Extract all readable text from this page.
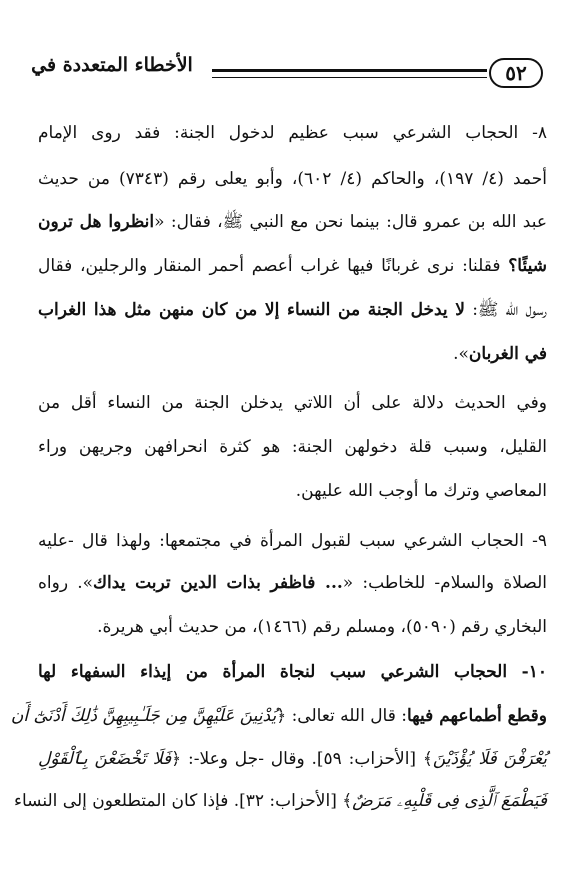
٥٢
الأخطاء المتعددة في
٨- الحجاب الشرعي سبب عظيم لدخول الجنة: فقد روى الإمام
أحمد (٤/ ١٩٧)، والحاكم (٤/ ٦٠٢)، وأبو يعلى رقم (٧٣٤٣) من حديث
عبد الله بن عمرو قال: بينما نحن مع النبي ﷺ، فقال: «انظروا هل ترون
شيئًا؟ فقلنا: نرى غربانًا فيها غراب أعصم أحمر المنقار والرجلين، فقال
رسول الله ﷺ: لا يدخل الجنة من النساء إلا من كان منهن مثل هذا الغراب
في الغربان».
وفي الحديث دلالة على أن اللاتي يدخلن الجنة من النساء أقل من
القليل، وسبب قلة دخولهن الجنة: هو كثرة انحرافهن وجريهن وراء
المعاصي وترك ما أوجب الله عليهن.
٩- الحجاب الشرعي سبب لقبول المرأة في مجتمعها: ولهذا قال -عليه
الصلاة والسلام- للخاطب: «... فاظفر بذات الدين تربت يداك». رواه
البخاري رقم (٥٠٩٠)، ومسلم رقم (١٤٦٦)، من حديث أبي هريرة.
١٠- الحجاب الشرعي سبب لنجاة المرأة من إيذاء السفهاء لها
وقطع أطماعهم فيها: قال الله تعالى: ﴿يُدْنِينَ عَلَيْهِنَّ مِن جَلَـٰبِيبِهِنَّ ذَٰلِكَ أَدْنَىٰٓ أَن
يُعْرَفْنَ فَلَا يُؤْذَيْنَ﴾ [الأحزاب: ٥٩]. وقال -جل وعلا-: ﴿فَلَا تَخْضَعْنَ بِٱلْقَوْلِ
فَيَطْمَعَ ٱلَّذِى فِى قَلْبِهِۦ مَرَضٌ﴾ [الأحزاب: ٣٢]. فإذا كان المتطلعون إلى النساء
